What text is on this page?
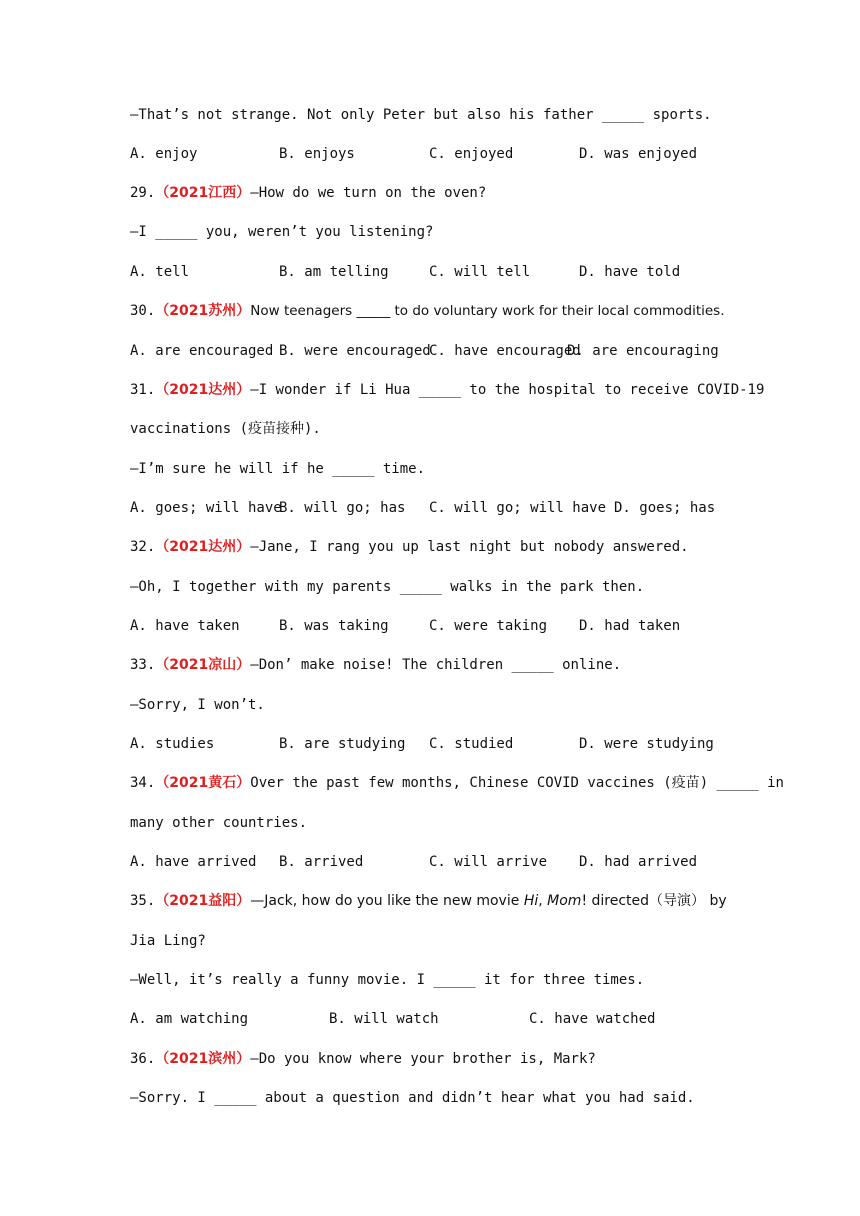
—That’s not strange. Not only Peter but also his father _____ sports.

A. enjoy

	B. enjoys

	C. enjoyed

	D. was enjoyed

29.（2021江西）—How do we turn on the oven?
—I _____ you, weren’t you listening?

A. tell

	B. am telling

	C. will tell

	D. have told

30.（2021苏州）Now teenagers _____ to do voluntary work for their local commodities.

A. are encouraged

B. were encouraged

C. have encouraged

D. are encouraging

31.（2021达州）—I wonder if Li Hua _____ to the hospital to receive COVID-19
vaccinations (疫苗接种).
—I’m sure he will if he _____ time.

A. goes; will have

B. will go; has

C. will go; will have

D. goes; has

32.（2021达州）—Jane, I rang you up last night but nobody answered.
—Oh, I together with my parents _____ walks in the park then.

A. have taken

	B. was taking

	C. were taking

D. had taken

33.（2021凉山）—Don’ make noise! The children _____ online.
—Sorry, I won’t.

A. studies

	B. are studying

C. studied

	D. were studying

34.（2021黄石）Over the past few months, Chinese COVID vaccines (疫苗) _____ in
many other countries.

A. have arrived

B. arrived

	C. will arrive

D. had arrived

35.（2021益阳）—Jack, how do you like the new movie Hi, Mom! directed（导演） by
Jia Ling?
—Well, it’s really a funny movie. I _____ it for three times.

A. am watching

	B. will watch

	C. have watched

36.（2021滨州）—Do you know where your brother is, Mark?
—Sorry. I _____ about a question and didn’t hear what you had said.
